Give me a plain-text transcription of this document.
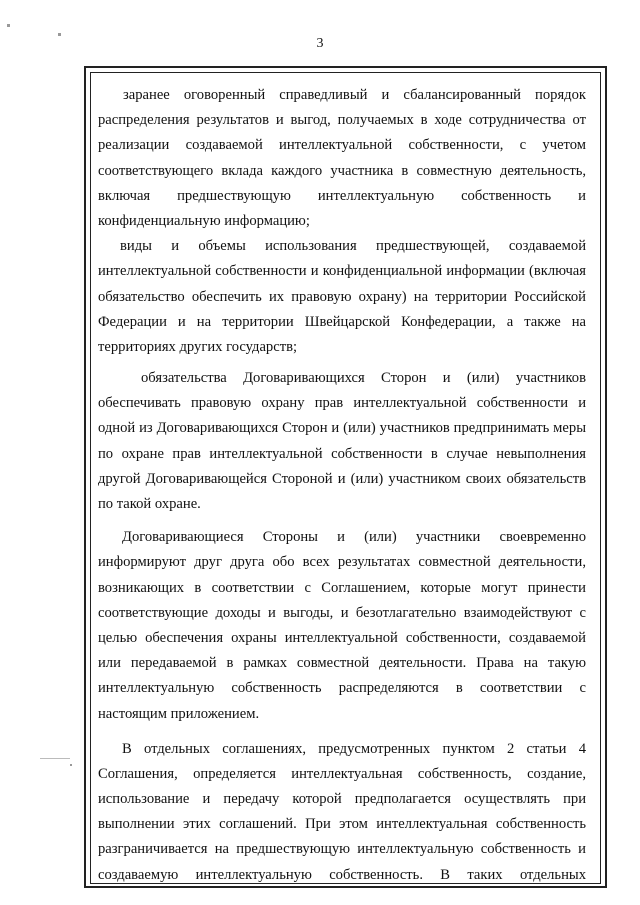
3
заранее оговоренный справедливый и сбалансированный порядок
распределения результатов и выгод, получаемых в ходе сотрудничества от
реализации создаваемой интеллектуальной собственности, с учетом
соответствующего вклада каждого участника в совместную деятельность,
включая предшествующую интеллектуальную собственность и
конфиденциальную информацию;
виды и объемы использования предшествующей, создаваемой
интеллектуальной собственности и конфиденциальной информации (включая
обязательство обеспечить их правовую охрану) на территории Российской
Федерации и на территории Швейцарской Конфедерации, а также на
территориях других государств;
обязательства Договаривающихся Сторон и (или) участников
обеспечивать правовую охрану прав интеллектуальной собственности и
одной из Договаривающихся Сторон и (или) участников предпринимать меры
по охране прав интеллектуальной собственности в случае невыполнения
другой Договаривающейся Стороной и (или) участником своих обязательств
по такой охране.
Договаривающиеся Стороны и (или) участники своевременно
информируют друг друга обо всех результатах совместной деятельности,
возникающих в соответствии с Соглашением, которые могут принести
соответствующие доходы и выгоды, и безотлагательно взаимодействуют с
целью обеспечения охраны интеллектуальной собственности, создаваемой
или передаваемой в рамках совместной деятельности. Права на такую
интеллектуальную собственность распределяются в соответствии с
настоящим приложением.
В отдельных соглашениях, предусмотренных пунктом 2 статьи 4
Соглашения, определяется интеллектуальная собственность, создание,
использование и передачу которой предполагается осуществлять при
выполнении этих соглашений. При этом интеллектуальная собственность
разграничивается на предшествующую интеллектуальную собственность и
создаваемую интеллектуальную собственность. В таких отдельных
